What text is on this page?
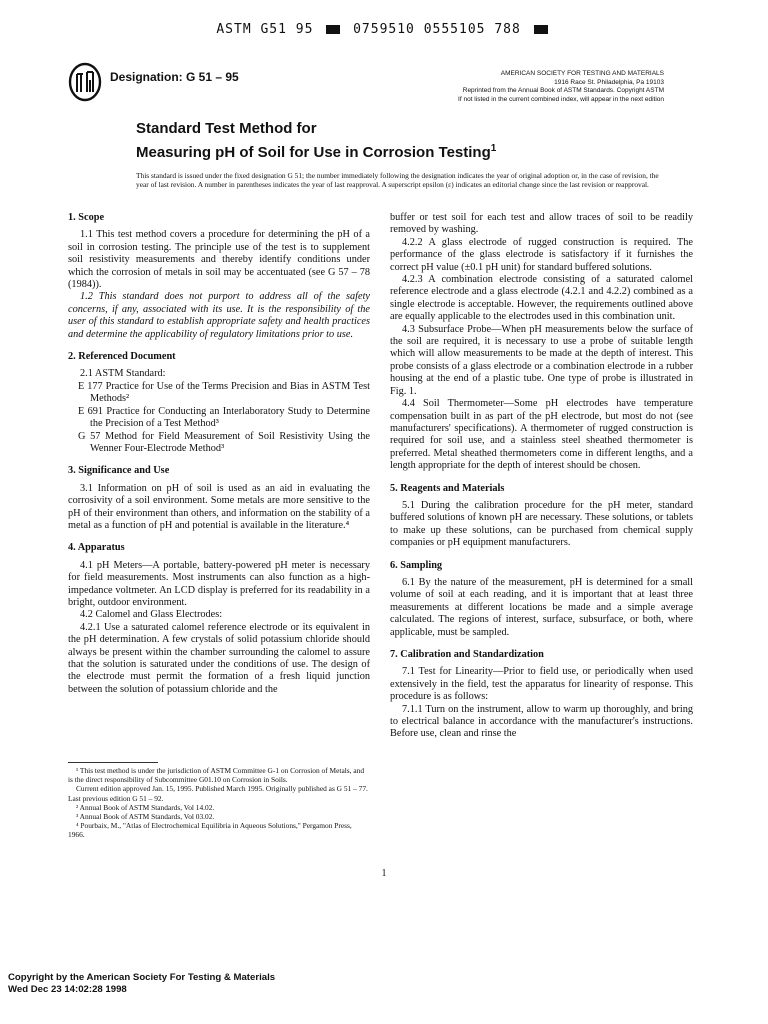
ASTM G51 95	0759510 0555105 788
Designation: G 51 – 95	AMERICAN SOCIETY FOR TESTING AND MATERIALS
1916 Race St. Philadelphia, Pa 19103
Reprinted from the Annual Book of ASTM Standards. Copyright ASTM
If not listed in the current combined index, will appear in the next edition
Standard Test Method for
Measuring pH of Soil for Use in Corrosion Testing$^1$
This standard is issued under the fixed designation G 51; the number immediately following the designation indicates the year of original adoption or, in the case of revision, the year of last revision. A number in parentheses indicates the year of last reapproval. A superscript epsilon (ε) indicates an editorial change since the last revision or reapproval.
1. Scope

1.1 This test method covers a procedure for determining the pH of a soil in corrosion testing. The principle use of the test is to supplement soil resistivity measurements and thereby identify conditions under which the corrosion of metals in soil may be accentuated (see G 57 – 78 (1984)).

1.2 This standard does not purport to address all of the safety concerns, if any, associated with its use. It is the responsibility of the user of this standard to establish appropriate safety and health practices and determine the applicability of regulatory limitations prior to use.

2. Referenced Document

2.1 ASTM Standard:

E 177 Practice for Use of the Terms Precision and Bias in ASTM Test Methods²

E 691 Practice for Conducting an Interlaboratory Study to Determine the Precision of a Test Method³

G 57 Method for Field Measurement of Soil Resistivity Using the Wenner Four-Electrode Method³

3. Significance and Use

3.1 Information on pH of soil is used as an aid in evaluating the corrosivity of a soil environment. Some metals are more sensitive to the pH of their environment than others, and information on the stability of a metal as a function of pH and potential is available in the literature.⁴

4. Apparatus

4.1 pH Meters—A portable, battery-powered pH meter is necessary for field measurements. Most instruments can also function as a high-impedance voltmeter. An LCD display is preferred for its readability in a bright, outdoor environment.

4.2 Calomel and Glass Electrodes:

4.2.1 Use a saturated calomel reference electrode or its equivalent in the pH determination. A few crystals of solid potassium chloride should always be present within the chamber surrounding the calomel to assure that the solution is saturated under the conditions of use. The design of the electrode must permit the formation of a fresh liquid junction between the solution of potassium chloride and the

¹ This test method is under the jurisdiction of ASTM Committee G-1 on Corrosion of Metals, and is the direct responsibility of Subcommittee G01.10 on Corrosion in Soils.

Current edition approved Jan. 15, 1995. Published March 1995. Originally published as G 51 – 77. Last previous edition G 51 – 92.

² Annual Book of ASTM Standards, Vol 14.02.

³ Annual Book of ASTM Standards, Vol 03.02.

⁴ Pourbaix, M., "Atlas of Electrochemical Equilibria in Aqueous Solutions," Pergamon Press, 1966.

buffer or test soil for each test and allow traces of soil to be readily removed by washing.

4.2.2 A glass electrode of rugged construction is required. The performance of the glass electrode is satisfactory if it furnishes the correct pH value (±0.1 pH unit) for standard buffered solutions.

4.2.3 A combination electrode consisting of a saturated calomel reference electrode and a glass electrode (4.2.1 and 4.2.2) combined as a single electrode is acceptable. However, the requirements outlined above are equally applicable to the electrodes used in this combination unit.

4.3 Subsurface Probe—When pH measurements below the surface of the soil are required, it is necessary to use a probe of suitable length which will allow measurements to be made at the depth of interest. This probe consists of a glass electrode or a combination electrode in a rubber housing at the end of a plastic tube. One type of probe is illustrated in Fig. 1.

4.4 Soil Thermometer—Some pH electrodes have temperature compensation built in as part of the pH electrode, but most do not (see manufacturers' specifications). A thermometer of rugged construction is required for soil use, and a stainless steel sheathed thermometer is preferred. Metal sheathed thermometers come in different lengths, and a length appropriate for the depth of interest should be chosen.

5. Reagents and Materials

5.1 During the calibration procedure for the pH meter, standard buffered solutions of known pH are necessary. These solutions, or tablets to make up these solutions, can be purchased from chemical supply companies or pH equipment manufacturers.

6. Sampling

6.1 By the nature of the measurement, pH is determined for a small volume of soil at each reading, and it is important that at least three measurements at different locations be made and a simple average calculated. The regions of interest, surface, subsurface, or both, where applicable, must be sampled.

7. Calibration and Standardization

7.1 Test for Linearity—Prior to field use, or periodically when used extensively in the field, test the apparatus for linearity of response. This procedure is as follows:

7.1.1 Turn on the instrument, allow to warm up thoroughly, and bring to electrical balance in accordance with the manufacturer's instructions. Before use, clean and rinse the

1
Copyright by the American Society For Testing & Materials
Wed Dec 23 14:02:28 1998
